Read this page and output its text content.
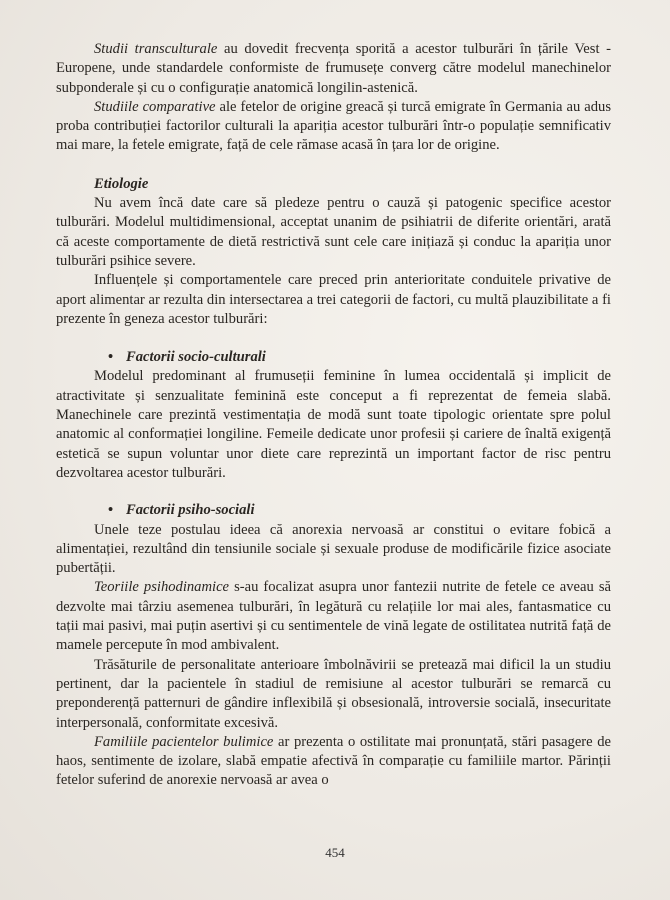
Studii transculturale au dovedit frecvența sporită a acestor tulburări în țările Vest - Europene, unde standardele conformiste de frumusețe converg către modelul manechinelor subponderale și cu o configurație anatomică longilin-astenică.

Studiile comparative ale fetelor de origine greacă și turcă emigrate în Germania au adus proba contribuției factorilor culturali la apariția acestor tulburări într-o populație semnificativ mai mare, la fetele emigrate, față de cele rămase acasă în țara lor de origine.

Etiologie

Nu avem încă date care să pledeze pentru o cauză și patogenic specifice acestor tulburări. Modelul multidimensional, acceptat unanim de psihiatrii de diferite orientări, arată că aceste comportamente de dietă restrictivă sunt cele care inițiază și conduc la apariția unor tulburări psihice severe.

Influențele și comportamentele care preced prin anterioritate conduitele privative de aport alimentar ar rezulta din intersectarea a trei categorii de factori, cu multă plauzibilitate a fi prezente în geneza acestor tulburări:

• Factorii socio-culturali

Modelul predominant al frumuseții feminine în lumea occidentală și implicit de atractivitate și senzualitate feminină este conceput a fi reprezentat de femeia slabă. Manechinele care prezintă vestimentația de modă sunt toate tipologic orientate spre polul anatomic al conformației longiline. Femeile dedicate unor profesii și cariere de înaltă exigență estetică se supun voluntar unor diete care reprezintă un important factor de risc pentru dezvoltarea acestor tulburări.

• Factorii psiho-sociali

Unele teze postulau ideea că anorexia nervoasă ar constitui o evitare fobică a alimentației, rezultând din tensiunile sociale și sexuale produse de modificările fizice asociate pubertății.

Teoriile psihodinamice s-au focalizat asupra unor fantezii nutrite de fetele ce aveau să dezvolte mai târziu asemenea tulburări, în legătură cu relațiile lor mai ales, fantasmatice cu tații mai pasivi, mai puțin asertivi și cu sentimentele de vină legate de ostilitatea nutrită față de mamele percepute în mod ambivalent.

Trăsăturile de personalitate anterioare îmbolnăvirii se pretează mai dificil la un studiu pertinent, dar la pacientele în stadiul de remisiune al acestor tulburări se remarcă cu preponderență patternuri de gândire inflexibilă și obsesională, introversie socială, insecuritate interpersonală, conformitate excesivă.

Familiile pacientelor bulimice ar prezenta o ostilitate mai pronunțată, stări pasagere de haos, sentimente de izolare, slabă empatie afectivă în comparație cu familiile martor. Părinții fetelor suferind de anorexie nervoasă ar avea o

454
